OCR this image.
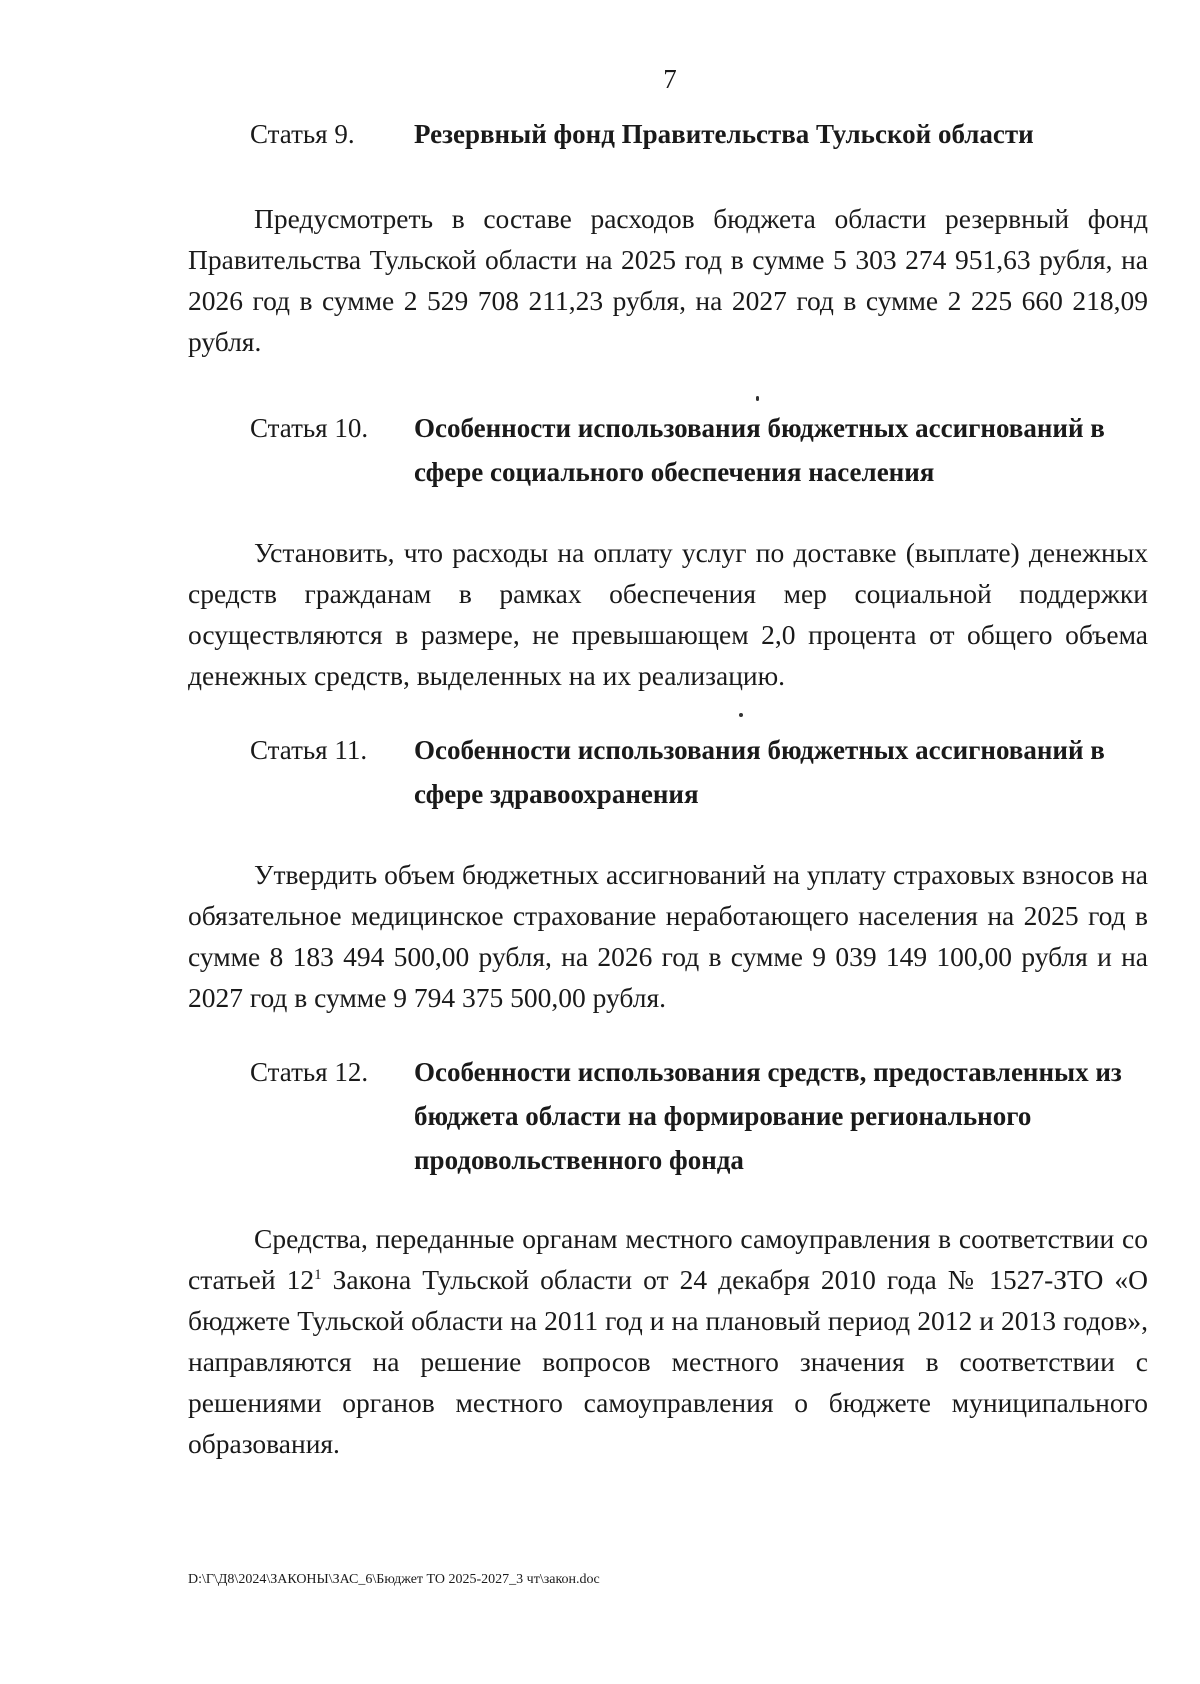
7
Статья 9. Резервный фонд Правительства Тульской области
Предусмотреть в составе расходов бюджета области резервный фонд Правительства Тульской области на 2025 год в сумме 5 303 274 951,63 рубля, на 2026 год в сумме 2 529 708 211,23 рубля, на 2027 год в сумме 2 225 660 218,09 рубля.
Статья 10. Особенности использования бюджетных ассигнований в сфере социального обеспечения населения
Установить, что расходы на оплату услуг по доставке (выплате) денежных средств гражданам в рамках обеспечения мер социальной поддержки осуществляются в размере, не превышающем 2,0 процента от общего объема денежных средств, выделенных на их реализацию.
Статья 11. Особенности использования бюджетных ассигнований в сфере здравоохранения
Утвердить объем бюджетных ассигнований на уплату страховых взносов на обязательное медицинское страхование неработающего населения на 2025 год в сумме 8 183 494 500,00 рубля, на 2026 год в сумме 9 039 149 100,00 рубля и на 2027 год в сумме 9 794 375 500,00 рубля.
Статья 12. Особенности использования средств, предоставленных из бюджета области на формирование регионального продовольственного фонда
Средства, переданные органам местного самоуправления в соответствии со статьей $12^1$ Закона Тульской области от 24 декабря 2010 года № 1527-ЗТО «О бюджете Тульской области на 2011 год и на плановый период 2012 и 2013 годов», направляются на решение вопросов местного значения в соответствии с решениями органов местного самоуправления о бюджете муниципального образования.
D:\Г\Д8\2024\ЗАКОНЫ\ЗАС_6\Бюджет ТО 2025-2027_3 чт\закон.doc
